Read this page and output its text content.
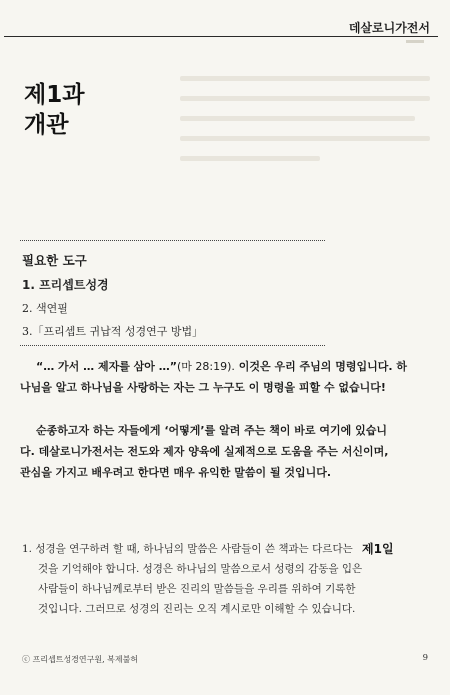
데살로니가전서
제1과
개관
필요한 도구
1. 프리셉트성경
2. 색연필
3.「프리셉트 귀납적 성경연구 방법」
“… 가서 … 제자를 삼아 …”(마 28:19). 이것은 우리 주님의 명령입니다. 하
나님을 알고 하나님을 사랑하는 자는 그 누구도 이 명령을 피할 수 없습니다!
순종하고자 하는 자들에게 ‘어떻게’를 알려 주는 책이 바로 여기에 있습니
다. 데살로니가전서는 전도와 제자 양육에 실제적으로 도움을 주는 서신이며,
관심을 가지고 배우려고 한다면 매우 유익한 말씀이 될 것입니다.
1. 성경을 연구하려 할 때, 하나님의 말씀은 사람들이 쓴 책과는 다르다는
것을 기억해야 합니다. 성경은 하나님의 말씀으로서 성령의 감동을 입은
사람들이 하나님께로부터 받은 진리의 말씀들을 우리를 위하여 기록한
것입니다. 그러므로 성경의 진리는 오직 계시로만 이해할 수 있습니다.
제1일
ⓒ 프리셉트성경연구원, 복제불허	9
